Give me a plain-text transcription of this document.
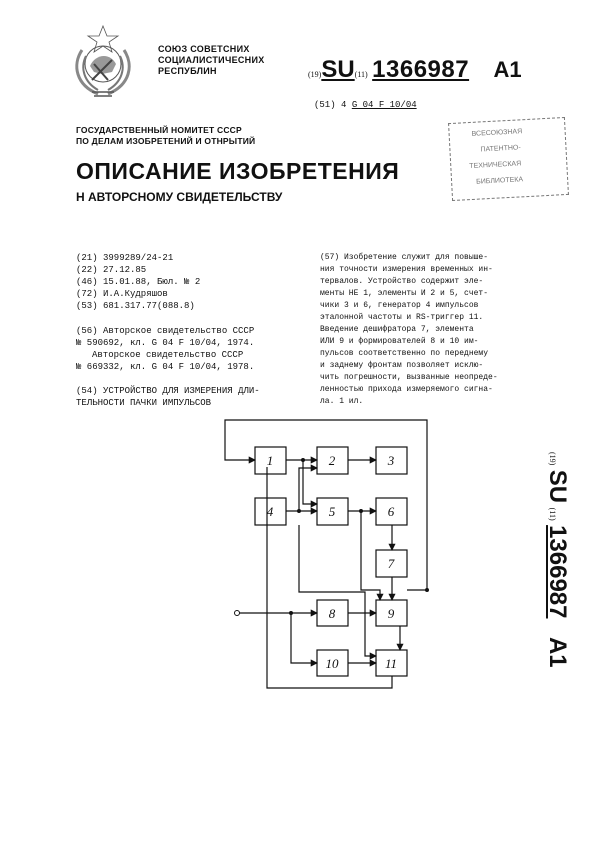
СОЮЗ СОВЕТСНИХ
СОЦИАЛИСТИЧЕСНИХ
РЕСПУБЛИН	(19)SU(11) 1366987 A1
(51) 4 G 04 F 10/04
ВСЕСОЮЗНАЯ
ПАТЕНТНО-
ТЕХНИЧЕСКАЯ
БИБЛИОТЕКА
ГОСУДАРСТВЕННЫЙ НОМИТЕТ СССР
ПО ДЕЛАМ ИЗОБРЕТЕНИЙ И ОТНРЫТИЙ
ОПИСАНИЕ ИЗОБРЕТЕНИЯ
Н АВТОРСНОМУ СВИДЕТЕЛЬСТВУ
(21) 3999289/24-21
(22) 27.12.85
(46) 15.01.88, Бюл. № 2
(72) И.А.Кудряшов
(53) 681.317.77(088.8)
(56) Авторское свидетельство СССР
№ 590692, кл. G 04 F 10/04, 1974.
Авторское свидетельство СССР
№ 669332, кл. G 04 F 10/04, 1978.
(54) УСТРОЙСТВО ДЛЯ ИЗМЕРЕНИЯ ДЛИ-
ТЕЛЬНОСТИ ПАЧКИ ИМПУЛЬСОВ
(57) Изобретение служит для повыше-
ния точности измерения временных ин-
тервалов. Устройство содержит эле-
менты НЕ 1, элементы И 2 и 5, счет-
чики 3 и 6, генератор 4 импульсов
эталонной частоты и RS-триггер 11.
Введение дешифратора 7, элемента
ИЛИ 9 и формирователей 8 и 10 им-
пульсов соответственно по переднему
и заднему фронтам позволяет исклю-
чить погрешности, вызванные неопреде-
ленностью прихода измеряемого сигна-
ла. 1 ил.
(19) SU (11) 1366987 A1
1	2	3
4	5	6
7
8	9
10	11
